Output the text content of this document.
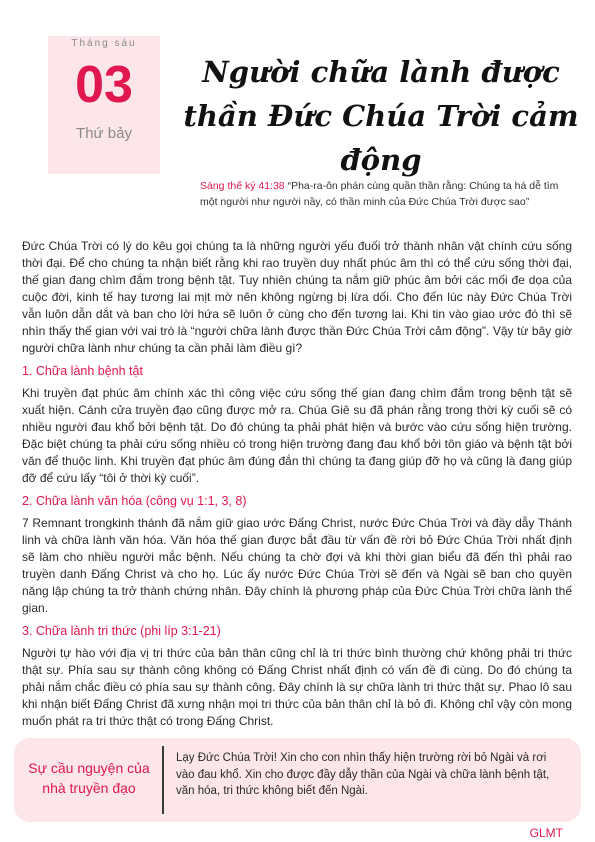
Tháng sáu
03
Thứ bảy
Người chữa lành được
thần Đức Chúa Trời cảm động
Sáng thế ký 41:38 “Pha-ra-ôn phán cùng quần thần rằng: Chúng ta há dễ tìm một người như người nầy, có thần minh của Đức Chúa Trời được sao”

Đức Chúa Trời có lý do kêu gọi chúng ta là những người yếu đuối trở thành nhân vật chính cứu sống thời đại. Để cho chúng ta nhận biết rằng khi rao truyền duy nhất phúc âm thì có thể cứu sống thời đại, thế gian đang chìm đắm trong bệnh tật. Tuy nhiên chúng ta nắm giữ phúc âm bởi các mối đe dọa của cuộc đời, kinh tế hay tương lai mịt mờ nên không ngừng bị lừa dối. Cho đến lúc này Đức Chúa Trời vẫn luôn dẫn dắt và ban cho lời hứa sẽ luôn ở cùng cho đến tương lai. Khi tin vào giao ước đó thì sẽ nhìn thấy thế gian với vai trò là “người chữa lành được thần Đức Chúa Trời cảm động”. Vậy từ bây giờ người chữa lành như chúng ta cần phải làm điều gì?

1. Chữa lành bệnh tật

Khi truyền đạt phúc âm chính xác thì công việc cứu sống thế gian đang chìm đắm trong bệnh tật sẽ xuất hiện. Cánh cửa truyền đạo cũng được mở ra. Chúa Giê su đã phán rằng trong thời kỳ cuối sẽ có nhiều người đau khổ bởi bệnh tật. Do đó chúng ta phải phát hiện và bước vào cứu sống hiện trường. Đặc biệt chúng ta phải cứu sống nhiều có trong hiện trường đang đau khổ bởi tôn giáo và bệnh tật bởi văn để thuộc linh. Khi truyền đạt phúc âm đúng đắn thì chúng ta đang giúp đỡ họ và cũng là đang giúp đỡ để cứu lấy “tôi ở thời kỳ cuối”.

2. Chữa lành văn hóa (công vụ 1:1, 3, 8)

7 Remnant trongkinh thánh đã nắm giữ giao ước Đấng Christ, nước Đức Chúa Trời và đầy dẫy Thánh linh và chữa lành văn hóa. Văn hóa thế gian được bắt đầu từ vấn đề rời bỏ Đức Chúa Trời nhất định sẽ làm cho nhiều người mắc bệnh. Nếu chúng ta chờ đợi và khi thời gian biểu đã đến thì phải rao truyền danh Đấng Christ và cho họ. Lúc ấy nước Đức Chúa Trời sẽ đến và Ngài sẽ ban cho quyền năng lập chúng ta trở thành chứng nhân. Đây chính là phương pháp của Đức Chúa Trời chữa lành thế gian.

3. Chữa lành tri thức (phi líp 3:1-21)

Người tự hào với địa vị tri thức của bản thân cũng chỉ là tri thức bình thường chứ không phải tri thức thật sự. Phía sau sự thành công không có Đấng Christ nhất định có vấn đề đi cùng. Do đó chúng ta phải nắm chắc điều có phía sau sự thành công. Đây chính là sự chữa lành tri thức thật sự. Phao lô sau khi nhận biết Đấng Christ đã xưng nhận mọi tri thức của bản thân chỉ là bỏ đi. Không chỉ vậy còn mong muốn phát ra tri thức thật có trong Đấng Christ.

Sự cầu nguyện của nhà truyền đạo
Lạy Đức Chúa Trời! Xin cho con nhìn thấy hiện trường rời bỏ Ngài và rơi vào đau khổ. Xin cho được đầy dẫy thần của Ngài và chữa lành bệnh tật, văn hóa, tri thức không biết đến Ngài.
GLMT
